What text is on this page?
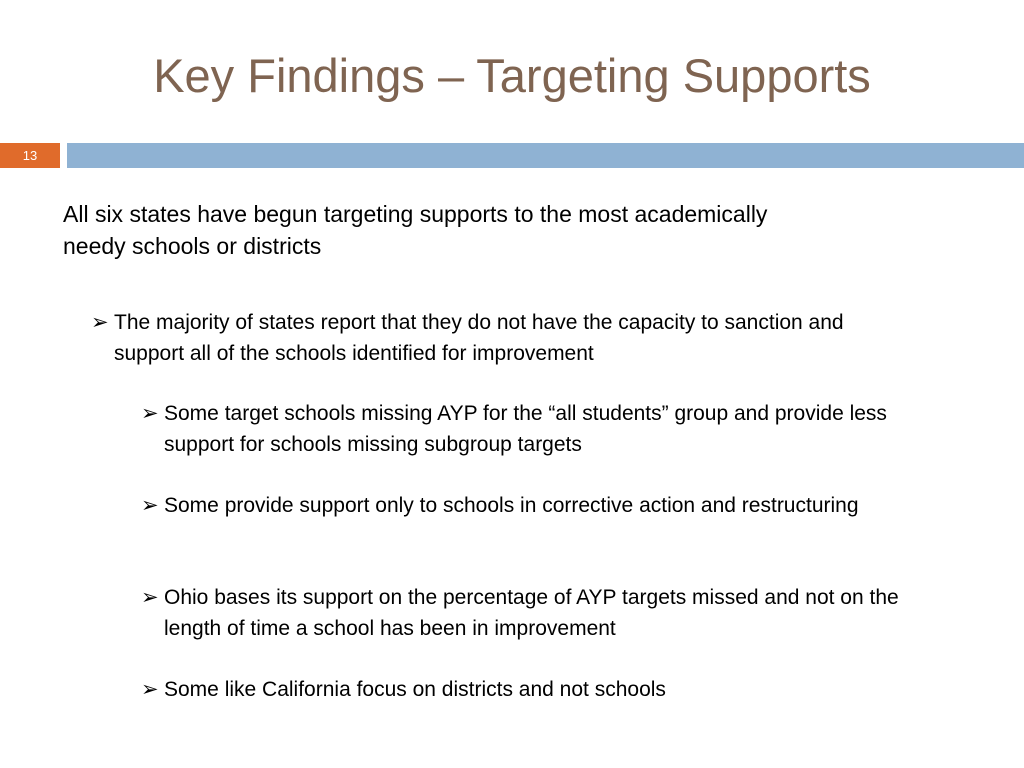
Key Findings – Targeting Supports
13
All six states have begun targeting supports to the most academically needy schools or districts
➢ The majority of states report that they do not have the capacity to sanction and support all of the schools identified for improvement
➢ Some target schools missing AYP for the “all students” group and provide less support for schools missing subgroup targets
➢ Some provide support only to schools in corrective action and restructuring
➢ Ohio bases its support on the percentage of AYP targets missed and not on the length of time a school has been in improvement
➢ Some like California focus on districts and not schools
